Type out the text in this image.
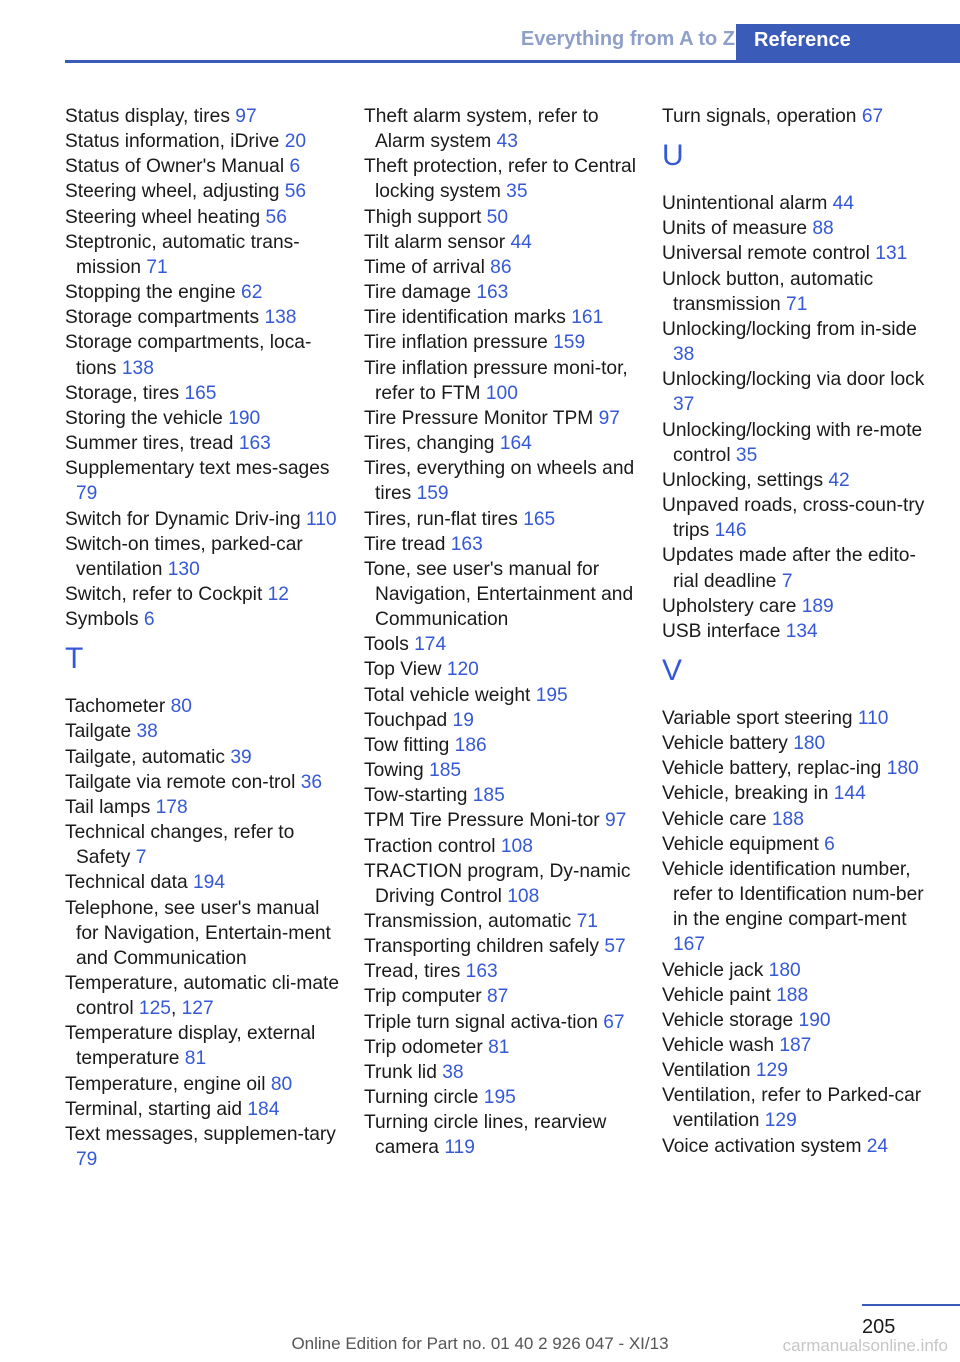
Everything from A to Z Reference
Status display, tires 97
Status information, iDrive 20
Status of Owner's Manual 6
Steering wheel, adjusting 56
Steering wheel heating 56
Steptronic, automatic trans-mission 71
Stopping the engine 62
Storage compartments 138
Storage compartments, loca-tions 138
Storage, tires 165
Storing the vehicle 190
Summer tires, tread 163
Supplementary text mes-sages 79
Switch for Dynamic Driv-ing 110
Switch-on times, parked-car ventilation 130
Switch, refer to Cockpit 12
Symbols 6
T
Tachometer 80
Tailgate 38
Tailgate, automatic 39
Tailgate via remote con-trol 36
Tail lamps 178
Technical changes, refer to Safety 7
Technical data 194
Telephone, see user's manual for Navigation, Entertain-ment and Communication
Temperature, automatic cli-mate control 125, 127
Temperature display, external temperature 81
Temperature, engine oil 80
Terminal, starting aid 184
Text messages, supplemen-tary 79
Theft alarm system, refer to Alarm system 43
Theft protection, refer to Central locking system 35
Thigh support 50
Tilt alarm sensor 44
Time of arrival 86
Tire damage 163
Tire identification marks 161
Tire inflation pressure 159
Tire inflation pressure moni-tor, refer to FTM 100
Tire Pressure Monitor TPM 97
Tires, changing 164
Tires, everything on wheels and tires 159
Tires, run-flat tires 165
Tire tread 163
Tone, see user's manual for Navigation, Entertainment and Communication
Tools 174
Top View 120
Total vehicle weight 195
Touchpad 19
Tow fitting 186
Towing 185
Tow-starting 185
TPM Tire Pressure Moni-tor 97
Traction control 108
TRACTION program, Dy-namic Driving Control 108
Transmission, automatic 71
Transporting children safely 57
Tread, tires 163
Trip computer 87
Triple turn signal activa-tion 67
Trip odometer 81
Trunk lid 38
Turning circle 195
Turning circle lines, rearview camera 119
Turn signals, operation 67
U
Unintentional alarm 44
Units of measure 88
Universal remote control 131
Unlock button, automatic transmission 71
Unlocking/locking from in-side 38
Unlocking/locking via door lock 37
Unlocking/locking with re-mote control 35
Unlocking, settings 42
Unpaved roads, cross-coun-try trips 146
Updates made after the edito-rial deadline 7
Upholstery care 189
USB interface 134
V
Variable sport steering 110
Vehicle battery 180
Vehicle battery, replac-ing 180
Vehicle, breaking in 144
Vehicle care 188
Vehicle equipment 6
Vehicle identification number, refer to Identification num-ber in the engine compart-ment 167
Vehicle jack 180
Vehicle paint 188
Vehicle storage 190
Vehicle wash 187
Ventilation 129
Ventilation, refer to Parked-car ventilation 129
Voice activation system 24
205
Online Edition for Part no. 01 40 2 926 047 - XI/13	carmanualsonline.info
